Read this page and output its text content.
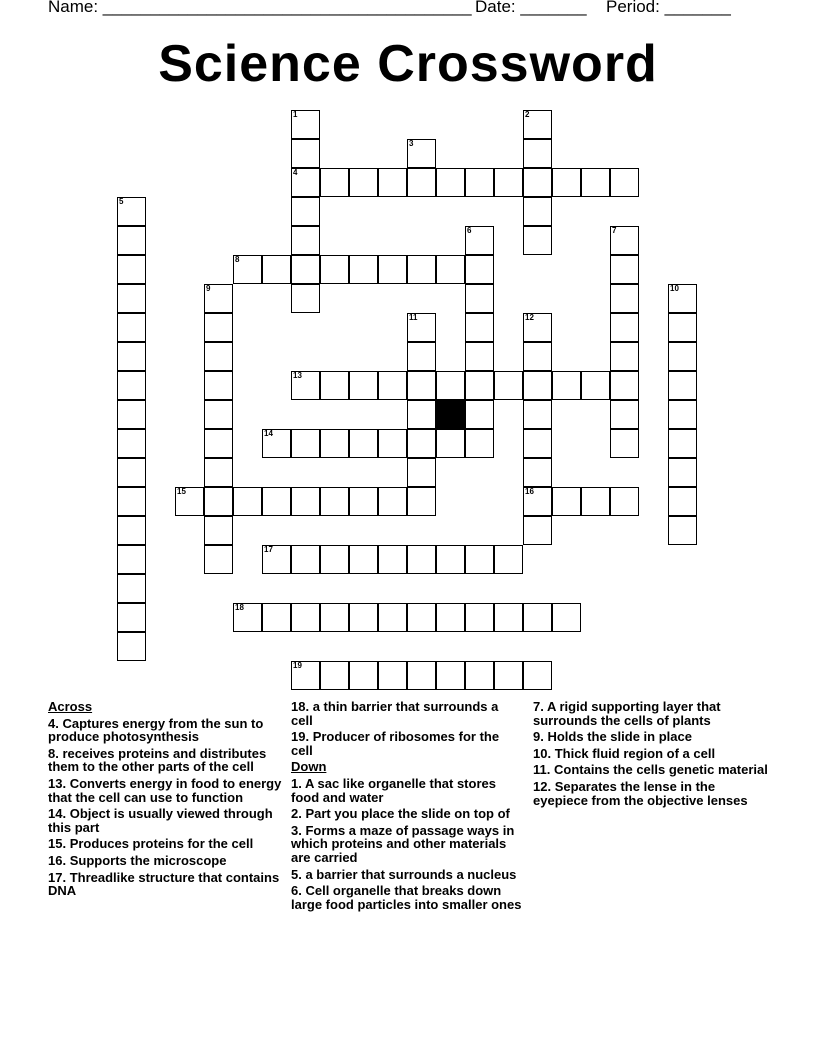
Name: _______________________________________ Date: _______ Period: _______
Science Crossword
4
8
13
14
15	16
17
18
19
1	2
3
5
6	7
9	10
11	12

Across

4. Captures energy from the sun to produce photosynthesis

8. receives proteins and distributes them to the other parts of the cell

13. Converts energy in food to energy that the cell can use to function

14. Object is usually viewed through this part

15. Produces proteins for the cell

16. Supports the microscope

17. Threadlike structure that contains DNA

18. a thin barrier that surrounds a cell

19. Producer of ribosomes for the cell

Down

1. A sac like organelle that stores food and water

2. Part you place the slide on top of

3. Forms a maze of passage ways in which proteins and other materials are carried

5. a barrier that surrounds a nucleus

6. Cell organelle that breaks down large food particles into smaller ones

7. A rigid supporting layer that surrounds the cells of plants

9. Holds the slide in place

10. Thick fluid region of a cell

11. Contains the cells genetic material

12. Separates the lense in the eyepiece from the objective lenses
